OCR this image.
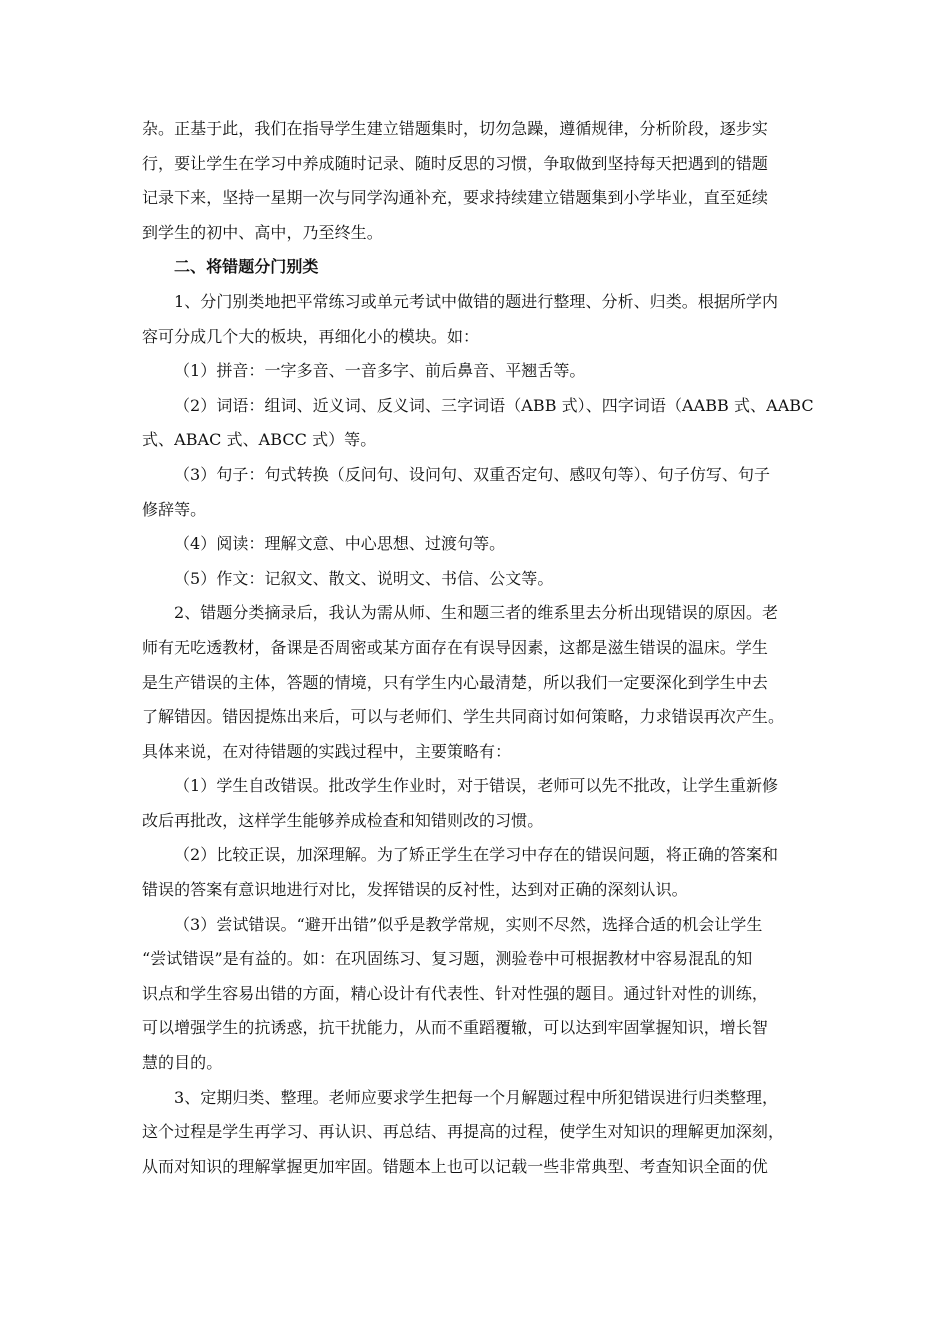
杂。正基于此，我们在指导学生建立错题集时，切勿急躁，遵循规律，分析阶段，逐步实
行，要让学生在学习中养成随时记录、随时反思的习惯，争取做到坚持每天把遇到的错题
记录下来，坚持一星期一次与同学沟通补充，要求持续建立错题集到小学毕业，直至延续
到学生的初中、高中，乃至终生。
二、将错题分门别类
1、分门别类地把平常练习或单元考试中做错的题进行整理、分析、归类。根据所学内
容可分成几个大的板块，再细化小的模块。如：
（1）拼音：一字多音、一音多字、前后鼻音、平翘舌等。
（2）词语：组词、近义词、反义词、三字词语（ABB 式）、四字词语（AABB 式、AABC
式、ABAC 式、ABCC 式）等。
（3）句子：句式转换（反问句、设问句、双重否定句、感叹句等）、句子仿写、句子
修辞等。
（4）阅读：理解文意、中心思想、过渡句等。
（5）作文：记叙文、散文、说明文、书信、公文等。
2、错题分类摘录后，我认为需从师、生和题三者的维系里去分析出现错误的原因。老
师有无吃透教材，备课是否周密或某方面存在有误导因素，这都是滋生错误的温床。学生
是生产错误的主体，答题的情境，只有学生内心最清楚，所以我们一定要深化到学生中去
了解错因。错因提炼出来后，可以与老师们、学生共同商讨如何策略，力求错误再次产生。
具体来说，在对待错题的实践过程中，主要策略有：
（1）学生自改错误。批改学生作业时，对于错误，老师可以先不批改，让学生重新修
改后再批改，这样学生能够养成检查和知错则改的习惯。
（2）比较正误，加深理解。为了矫正学生在学习中存在的错误问题，将正确的答案和
错误的答案有意识地进行对比，发挥错误的反衬性，达到对正确的深刻认识。
（3）尝试错误。“避开出错”似乎是教学常规，实则不尽然，选择合适的机会让学生
“尝试错误”是有益的。如：在巩固练习、复习题，测验卷中可根据教材中容易混乱的知
识点和学生容易出错的方面，精心设计有代表性、针对性强的题目。通过针对性的训练，
可以增强学生的抗诱惑，抗干扰能力，从而不重蹈覆辙，可以达到牢固掌握知识，增长智
慧的目的。
3、定期归类、整理。老师应要求学生把每一个月解题过程中所犯错误进行归类整理，
这个过程是学生再学习、再认识、再总结、再提高的过程，使学生对知识的理解更加深刻，
从而对知识的理解掌握更加牢固。错题本上也可以记载一些非常典型、考查知识全面的优
